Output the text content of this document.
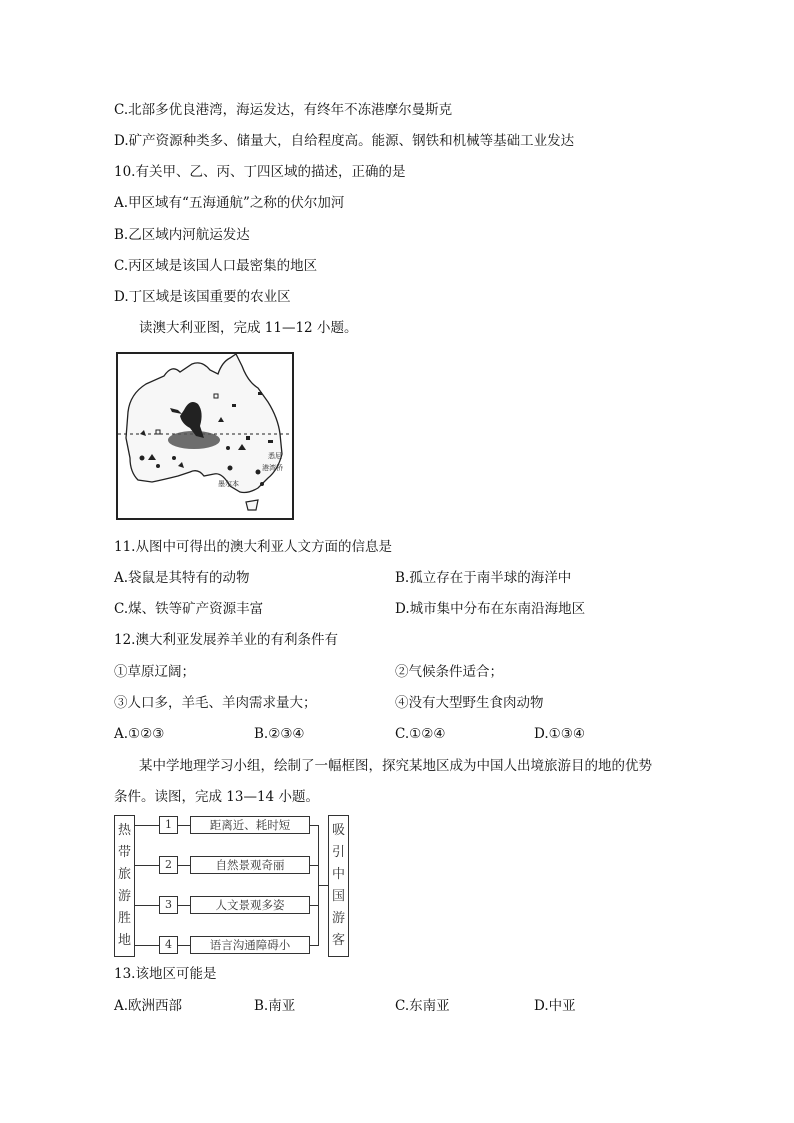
C.北部多优良港湾，海运发达，有终年不冻港摩尔曼斯克
D.矿产资源种类多、储量大，自给程度高。能源、钢铁和机械等基础工业发达
10.有关甲、乙、丙、丁四区域的描述，正确的是
A.甲区域有“五海通航”之称的伏尔加河
B.乙区域内河航运发达
C.丙区域是该国人口最密集的地区
D.丁区域是该国重要的农业区
读澳大利亚图，完成 11—12 小题。
悉尼
港湾桥
墨尔本
11.从图中可得出的澳大利亚人文方面的信息是
A.袋鼠是其特有的动物	B.孤立存在于南半球的海洋中
C.煤、铁等矿产资源丰富	D.城市集中分布在东南沿海地区
12.澳大利亚发展养羊业的有利条件有
①草原辽阔；	②气候条件适合；
③人口多，羊毛、羊肉需求量大；	④没有大型野生食肉动物
A.①②③	B.②③④	C.①②④	D.①③④
某中学地理学习小组，绘制了一幅框图，探究某地区成为中国人出境旅游目的地的优势
条件。读图，完成 13—14 小题。
热带旅游胜地
吸引中国游客
1
2
3
4
距离近、耗时短
自然景观奇丽
人文景观多姿
语言沟通障碍小
13.该地区可能是
A.欧洲西部	B.南亚	C.东南亚	D.中亚
